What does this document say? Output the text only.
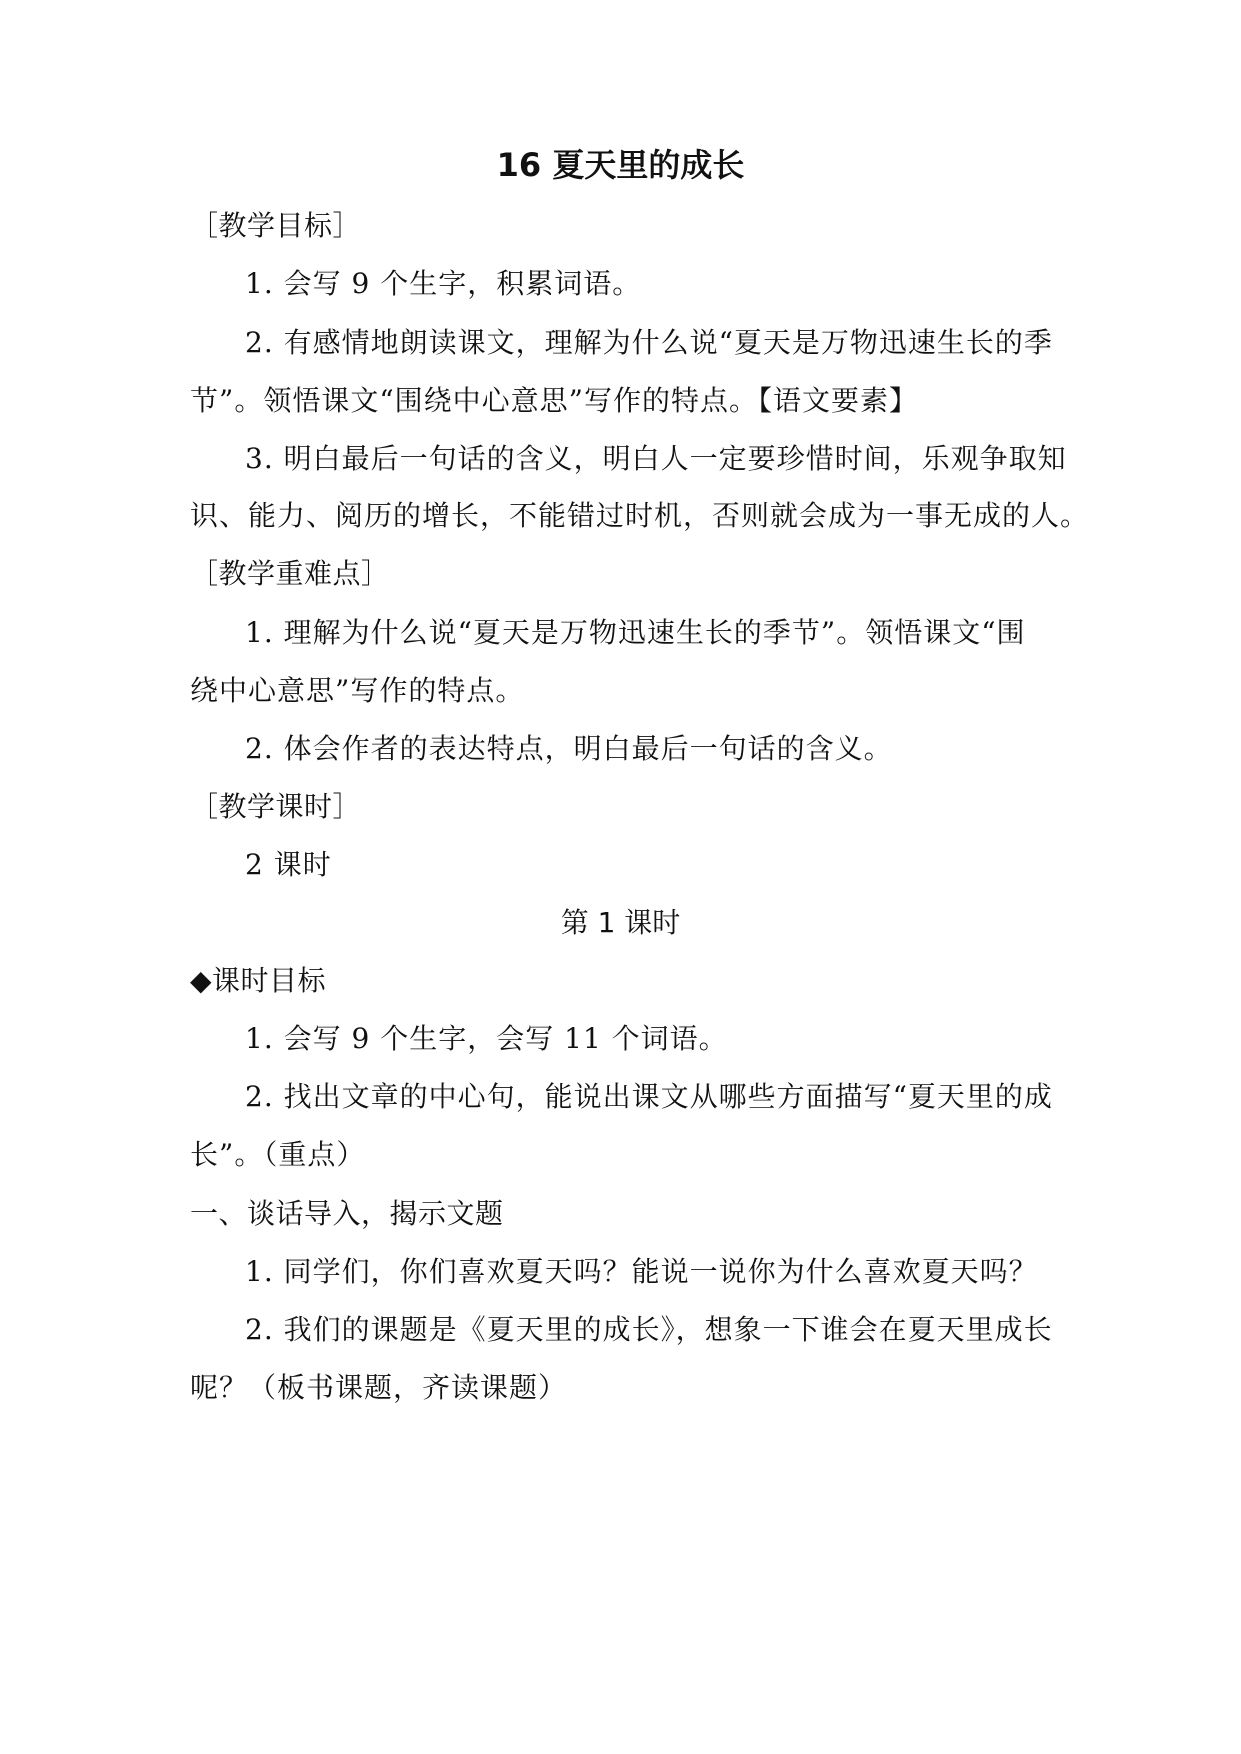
16 夏天里的成长
［教学目标］
1. 会写 9 个生字，积累词语。
2. 有感情地朗读课文，理解为什么说“夏天是万物迅速生长的季
节”。领悟课文“围绕中心意思”写作的特点。【语文要素】
3. 明白最后一句话的含义，明白人一定要珍惜时间，乐观争取知
识、能力、阅历的增长，不能错过时机，否则就会成为一事无成的人。
［教学重难点］
1. 理解为什么说“夏天是万物迅速生长的季节”。领悟课文“围
绕中心意思”写作的特点。
2. 体会作者的表达特点，明白最后一句话的含义。
［教学课时］
2 课时
第 1 课时
◆课时目标
1. 会写 9 个生字，会写 11 个词语。
2. 找出文章的中心句，能说出课文从哪些方面描写“夏天里的成
长”。（重点）
一、谈话导入，揭示文题
1. 同学们，你们喜欢夏天吗？能说一说你为什么喜欢夏天吗？
2. 我们的课题是《夏天里的成长》，想象一下谁会在夏天里成长
呢？（板书课题，齐读课题）
